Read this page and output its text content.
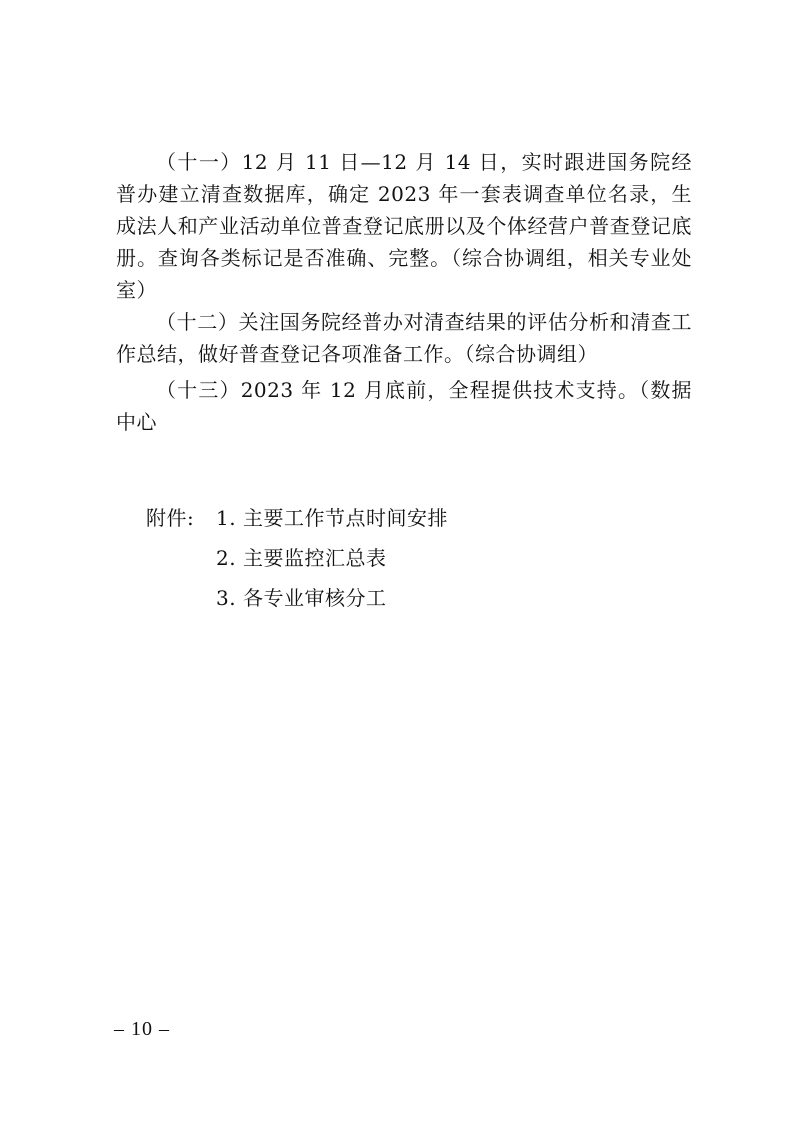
（十一）12 月 11 日—12 月 14 日，实时跟进国务院经普办建立清查数据库，确定 2023 年一套表调查单位名录，生成法人和产业活动单位普查登记底册以及个体经营户普查登记底册。查询各类标记是否准确、完整。（综合协调组，相关专业处室）

（十二）关注国务院经普办对清查结果的评估分析和清查工作总结，做好普查登记各项准备工作。（综合协调组）

（十三）2023 年 12 月底前，全程提供技术支持。（数据中心

附件:	1. 主要工作节点时间安排
2. 主要监控汇总表
3. 各专业审核分工
– 10 –
